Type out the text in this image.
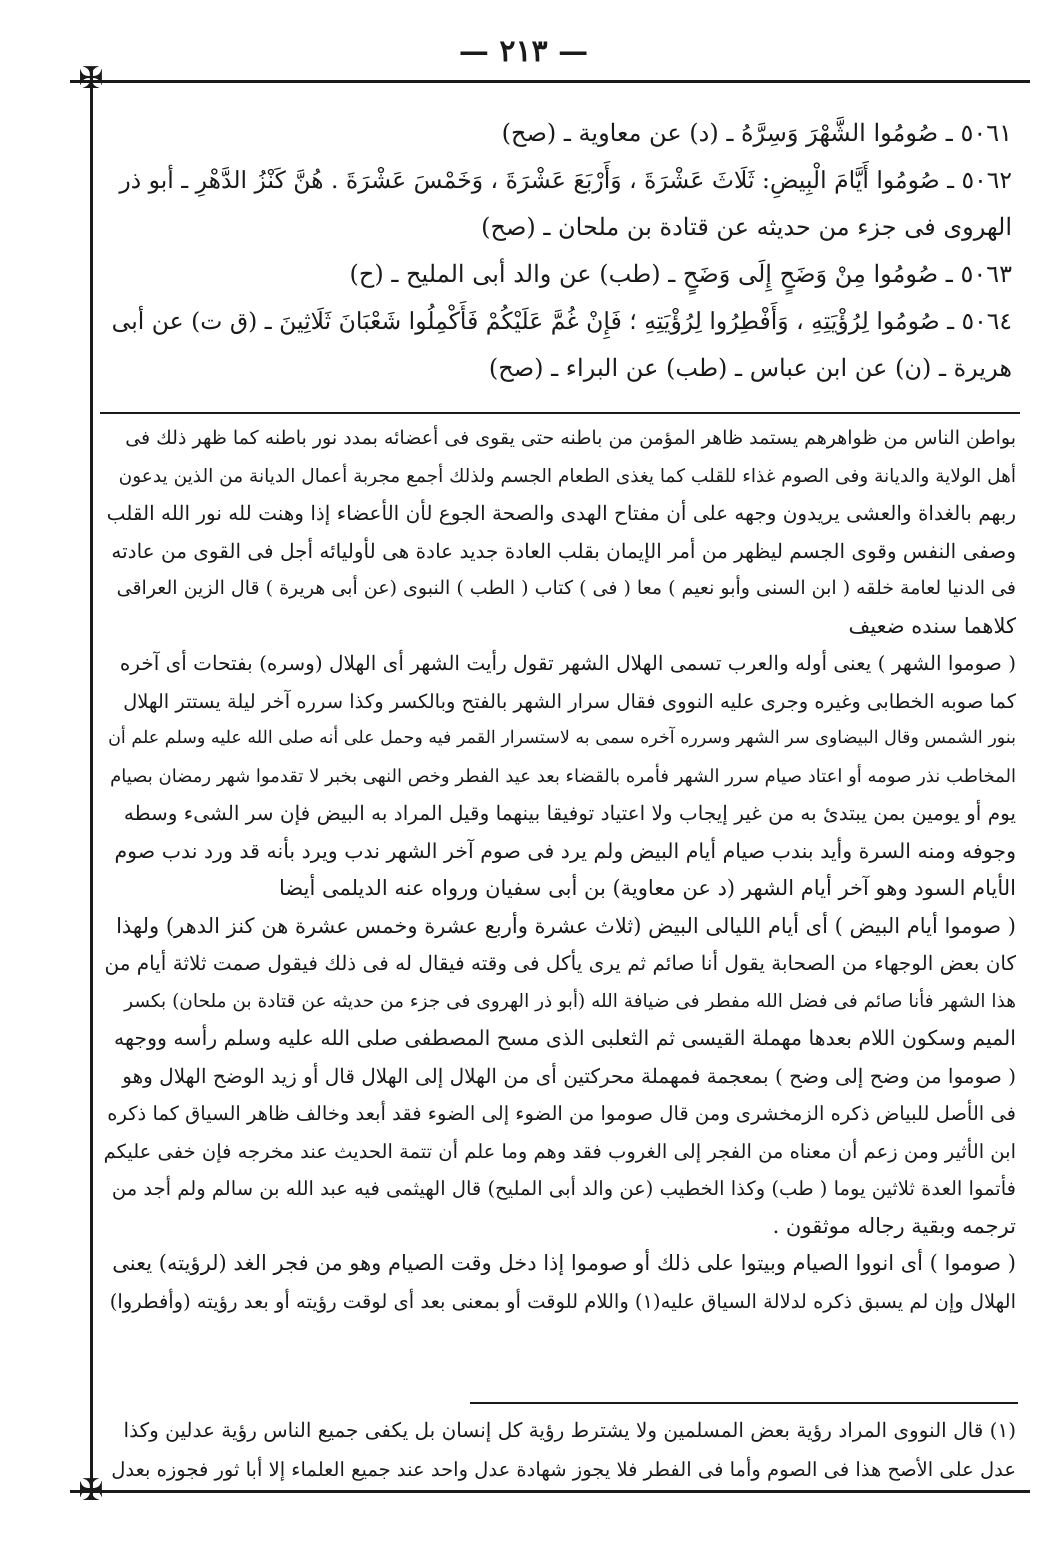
— ٢١٣ —
✠
✠
٥٠٦١ ـ صُومُوا الشَّهْرَ وَسِرَّهُ ـ (د) عن معاوية ـ (صح)
٥٠٦٢ ـ صُومُوا أَيَّامَ الْبِيضِ: ثَلَاثَ عَشْرَةَ ، وَأَرْبَعَ عَشْرَةَ ، وَخَمْسَ عَشْرَةَ . هُنَّ كَنْزُ الدَّهْرِ ـ أبو ذر
الهروى فى جزء من حديثه عن قتادة بن ملحان ـ (صح)
٥٠٦٣ ـ صُومُوا مِنْ وَضَحٍ إِلَى وَضَحٍ ـ (طب) عن والد أبى المليح ـ (ح)
٥٠٦٤ ـ صُومُوا لِرُؤْيَتِهِ ، وَأَفْطِرُوا لِرُؤْيَتِهِ ؛ فَإِنْ غُمَّ عَلَيْكُمْ فَأَكْمِلُوا شَعْبَانَ ثَلَاثِينَ ـ (ق ت) عن أبى
هريرة ـ (ن) عن ابن عباس ـ (طب) عن البراء ـ (صح)
بواطن الناس من ظواهرهم يستمد ظاهر المؤمن من باطنه حتى يقوى فى أعضائه بمدد نور باطنه كما ظهر ذلك فى
أهل الولاية والديانة وفى الصوم غذاء للقلب كما يغذى الطعام الجسم ولذلك أجمع مجربة أعمال الديانة من الذين يدعون
ربهم بالغداة والعشى يريدون وجهه على أن مفتاح الهدى والصحة الجوع لأن الأعضاء إذا وهنت لله نور الله القلب
وصفى النفس وقوى الجسم ليظهر من أمر الإيمان بقلب العادة جديد عادة هى لأوليائه أجل فى القوى من عادته
فى الدنيا لعامة خلقه ( ابن السنى وأبو نعيم ) معا ( فى ) كتاب ( الطب ) النبوى (عن أبى هريرة ) قال الزين العراقى
كلاهما سنده ضعيف
( صوموا الشهر ) يعنى أوله والعرب تسمى الهلال الشهر تقول رأيت الشهر أى الهلال (وسره) بفتحات أى آخره
كما صوبه الخطابى وغيره وجرى عليه النووى فقال سرار الشهر بالفتح وبالكسر وكذا سرره آخر ليلة يستتر الهلال
بنور الشمس وقال البيضاوى سر الشهر وسرره آخره سمى به لاستسرار القمر فيه وحمل على أنه صلى الله عليه وسلم علم أن
المخاطب نذر صومه أو اعتاد صيام سرر الشهر فأمره بالقضاء بعد عيد الفطر وخص النهى بخبر لا تقدموا شهر رمضان بصيام
يوم أو يومين بمن يبتدئ به من غير إيجاب ولا اعتياد توفيقا بينهما وقيل المراد به البيض فإن سر الشىء وسطه
وجوفه ومنه السرة وأيد بندب صيام أيام البيض ولم يرد فى صوم آخر الشهر ندب ويرد بأنه قد ورد ندب صوم
الأيام السود وهو آخر أيام الشهر (د عن معاوية) بن أبى سفيان ورواه عنه الديلمى أيضا
( صوموا أيام البيض ) أى أيام الليالى البيض (ثلاث عشرة وأربع عشرة وخمس عشرة هن كنز الدهر) ولهذا
كان بعض الوجهاء من الصحابة يقول أنا صائم ثم يرى يأكل فى وقته فيقال له فى ذلك فيقول صمت ثلاثة أيام من
هذا الشهر فأنا صائم فى فضل الله مفطر فى ضيافة الله (أبو ذر الهروى فى جزء من حديثه عن قتادة بن ملحان) بكسر
الميم وسكون اللام بعدها مهملة القيسى ثم الثعلبى الذى مسح المصطفى صلى الله عليه وسلم رأسه ووجهه
( صوموا من وضح إلى وضح ) بمعجمة فمهملة محركتين أى من الهلال إلى الهلال قال أو زيد الوضح الهلال وهو
فى الأصل للبياض ذكره الزمخشرى ومن قال صوموا من الضوء إلى الضوء فقد أبعد وخالف ظاهر السياق كما ذكره
ابن الأثير ومن زعم أن معناه من الفجر إلى الغروب فقد وهم وما علم أن تتمة الحديث عند مخرجه فإن خفى عليكم
فأتموا العدة ثلاثين يوما ( طب) وكذا الخطيب (عن والد أبى المليح) قال الهيثمى فيه عبد الله بن سالم ولم أجد من
ترجمه وبقية رجاله موثقون .
( صوموا ) أى انووا الصيام وبيتوا على ذلك أو صوموا إذا دخل وقت الصيام وهو من فجر الغد (لرؤيته) يعنى
الهلال وإن لم يسبق ذكره لدلالة السياق عليه(١) واللام للوقت أو بمعنى بعد أى لوقت رؤيته أو بعد رؤيته (وأفطروا)
(١) قال النووى المراد رؤية بعض المسلمين ولا يشترط رؤية كل إنسان بل يكفى جميع الناس رؤية عدلين وكذا
عدل على الأصح هذا فى الصوم وأما فى الفطر فلا يجوز شهادة عدل واحد عند جميع العلماء إلا أبا ثور فجوزه بعدل
